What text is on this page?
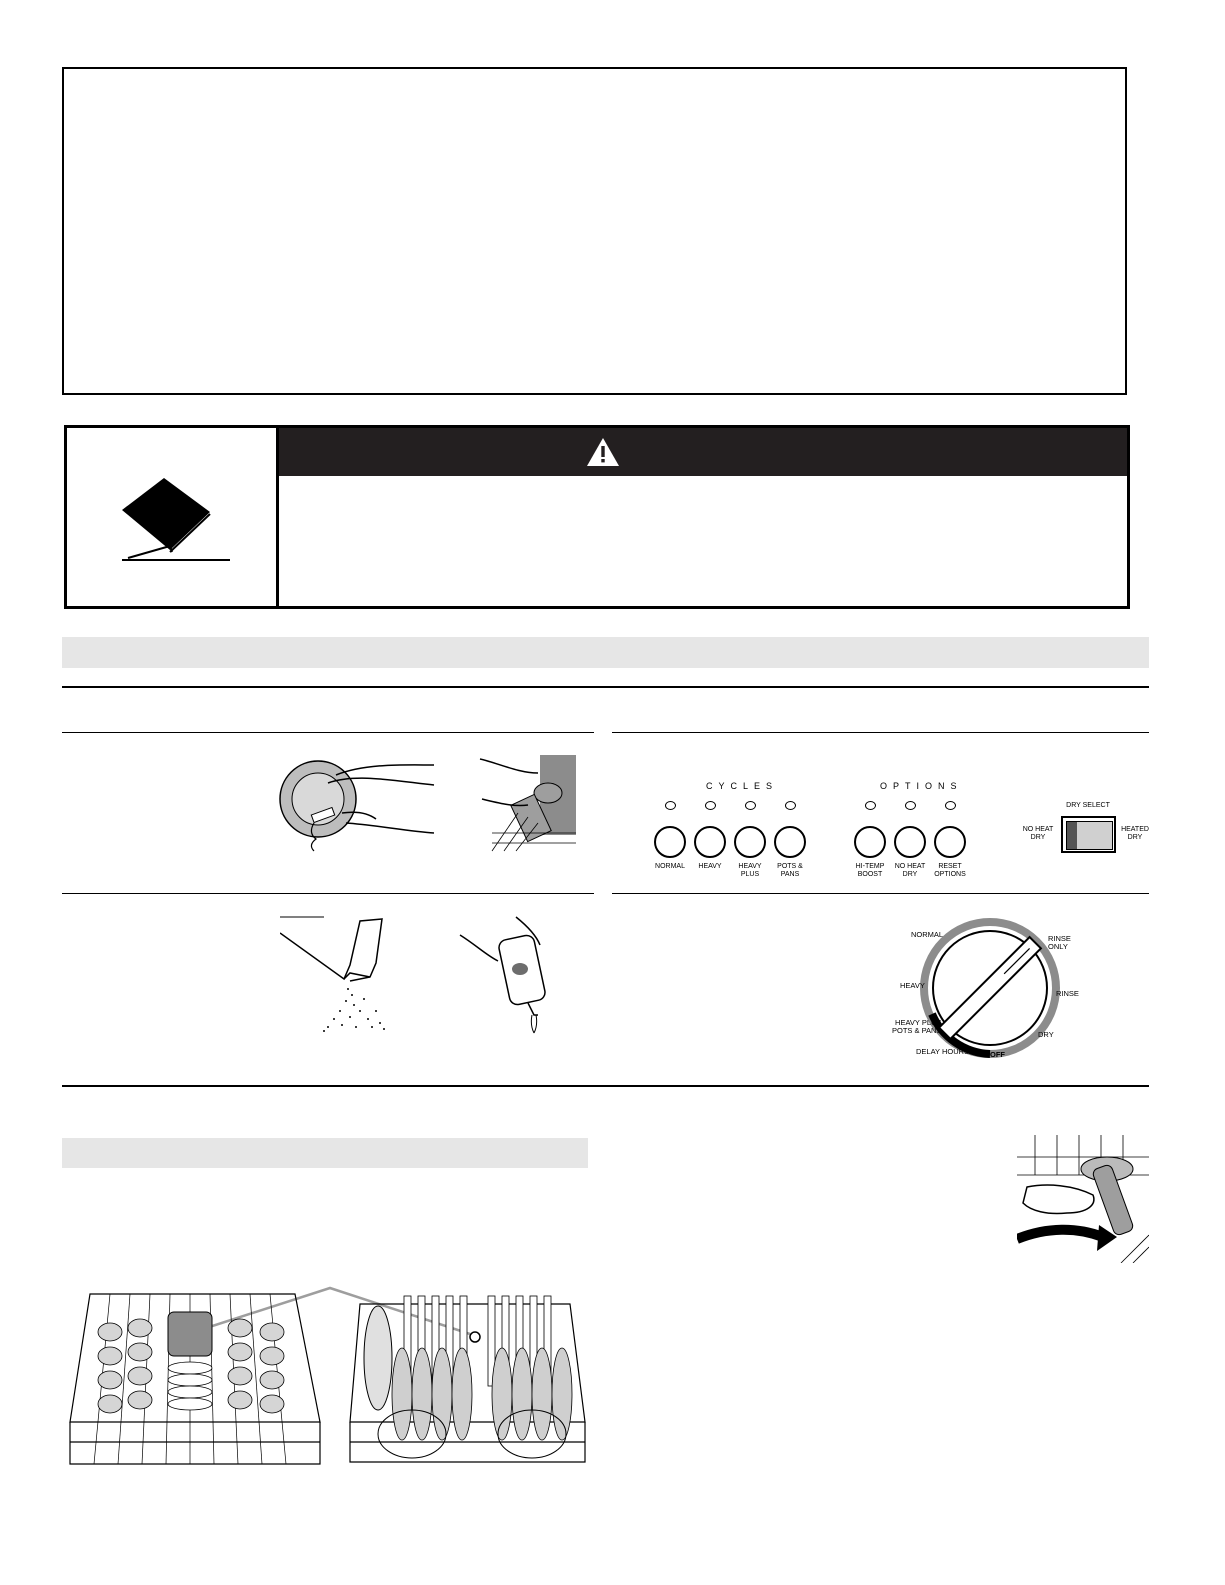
CYCLES	OPTIONS
NORMAL	HEAVY	HEAVY
PLUS
POTS &
PANS
HI-TEMP
BOOST
NO HEAT
DRY
RESET
OPTIONS
DRY SELECT
NO HEAT
DRY
HEATED
DRY
NORMAL
HEAVY
HEAVY PLUS
POTS & PANS
DELAY HOURS	OFF
RINSE
ONLY
RINSE
DRY
